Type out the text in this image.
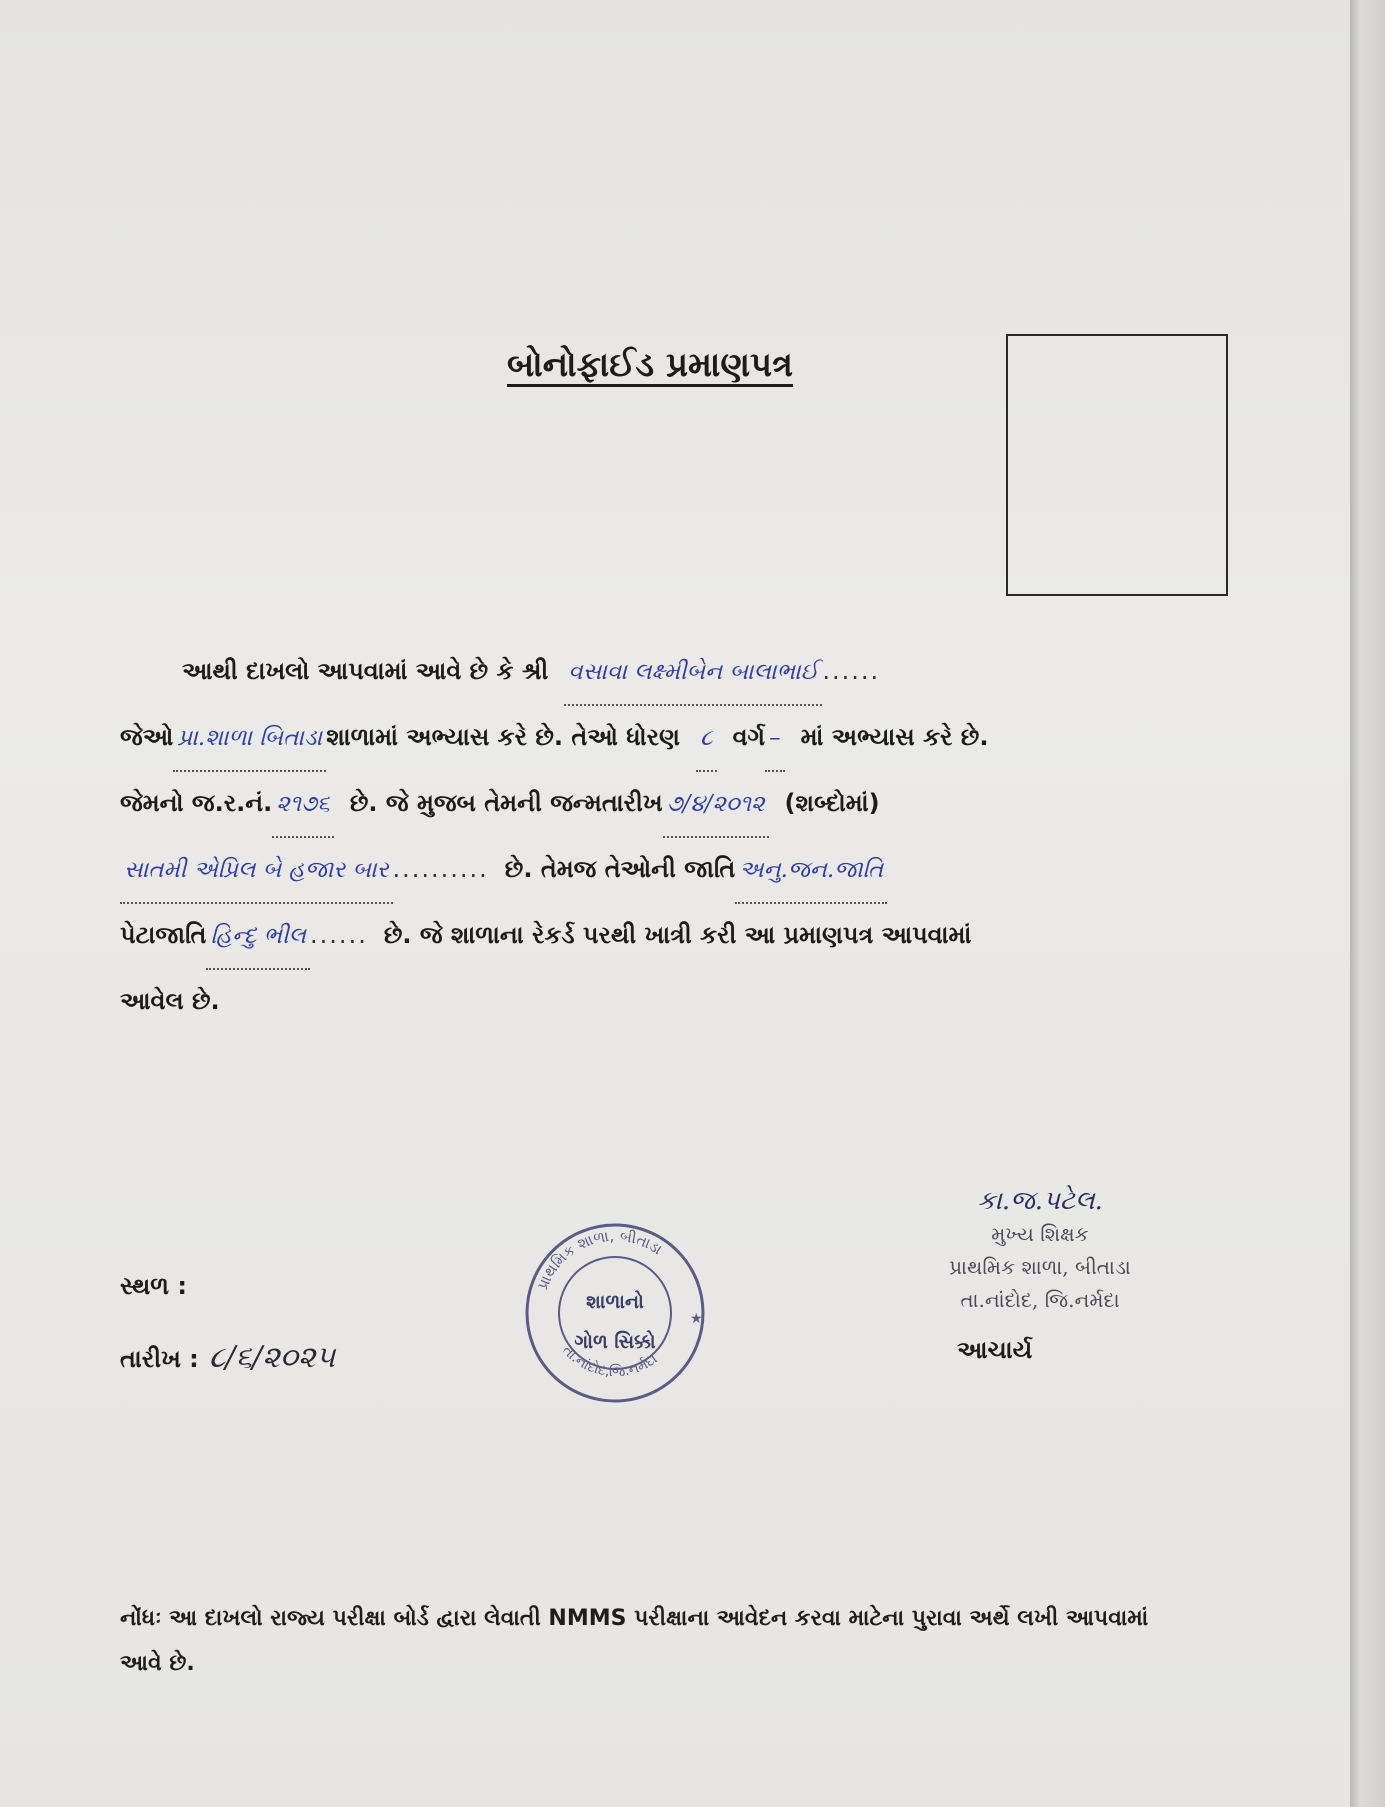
બોનોફાઈડ પ્રમાણપત્ર
આથી દાખલો આપવામાં આવે છે કે શ્રી વસાવા લક્ષ્મીબેન બાલાભાઈ ......
જેઓ પ્રા.શાળા બિતાડા શાળામાં અભ્યાસ કરે છે. તેઓ ધોરણ ૮ વર્ગ – માં અભ્યાસ કરે છે.
જેમનો જ.ર.નં. ૨૧૭૬ છે. જે મુજબ તેમની જન્મતારીખ ૭/૪/૨૦૧૨ (શબ્દોમાં)
સાતમી એપ્રિલ બે હજાર બાર .......... છે. તેમજ તેઓની જાતિ અનુ.જન.જાતિ
પેટાજાતિ હિન્દુ ભીલ ...... છે. જે શાળાના રેકર્ડ પરથી ખાત્રી કરી આ પ્રમાણપત્ર આપવામાં
આવેલ છે.
કા.જ.પટેલ.
મુખ્ય શિક્ષક
પ્રાથમિક શાળા, બીતાડા
તા.નાંદોદ, જિ.નર્મદા
આચાર્ય
સ્થળ :
તારીખ : ૮/૬/૨૦૨૫
પ્રાથમિક શાળા, બીતાડા
તા.નાંદોદ,જિ.નર્મદા
શાળાનો
ગોળ સિક્કો
★
નોંધઃ આ દાખલો રાજ્ય પરીક્ષા બોર્ડ દ્વારા લેવાતી NMMS પરીક્ષાના આવેદન કરવા માટેના પુરાવા અર્થે લખી આપવામાં આવે છે.
